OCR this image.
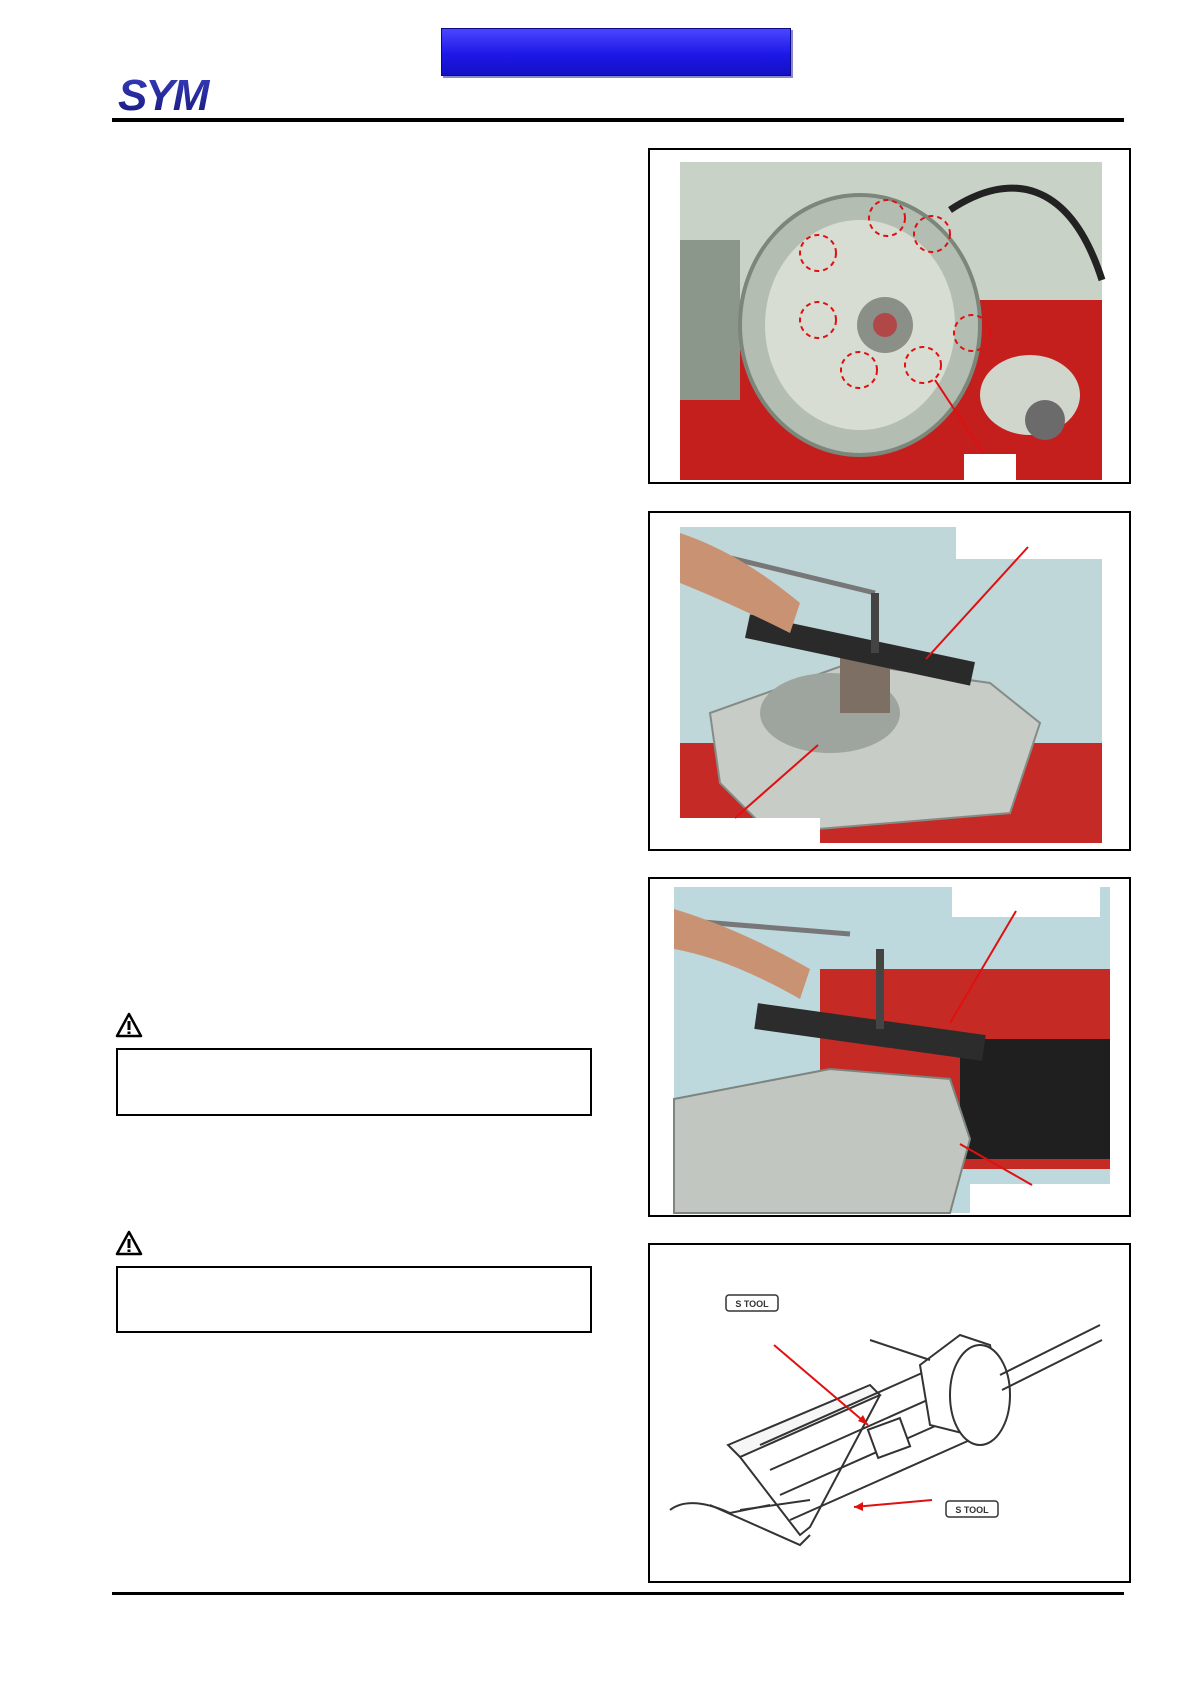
SYM
S TOOL
S TOOL
